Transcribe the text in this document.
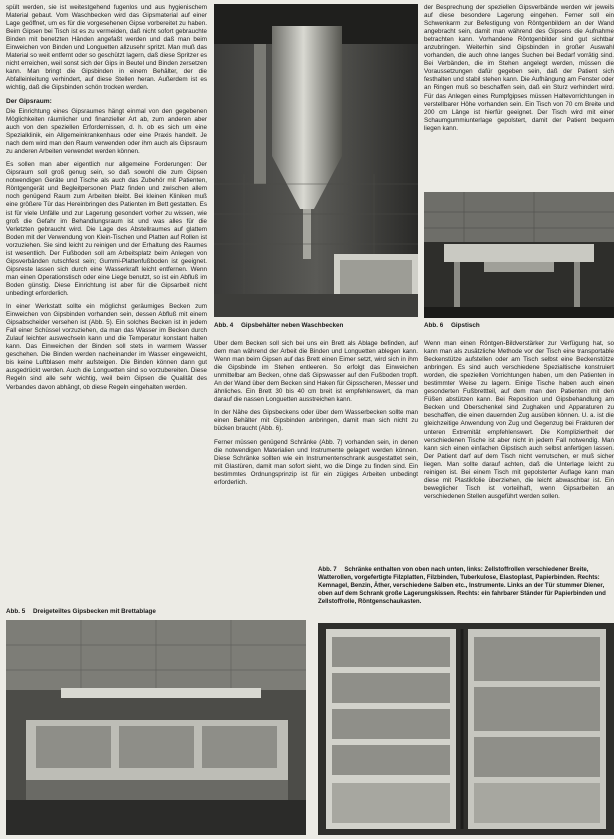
spült werden, sie ist weitestgehend fugenlos und aus hygienischem Material gebaut. Vom Waschbecken wird das Gipsmaterial auf einer Lage geöffnet, um es für die vorgesehenen Gipse vorbereitet zu haben. Beim Gipsen bei Tisch ist es zu vermeiden, daß nicht sofort gebrauchte Binden mit benetzten Händen angefaßt werden und daß man beim Einweichen von Binden und Longuetten allzusehr spritzt. Man muß das Material so weit entfernt oder so geschützt lagern, daß diese Spritzer es nicht erreichen, weil sonst sich der Gips in Beutel und Binden zersetzen kann. Man bringt die Gipsbinden in einem Behälter, der die Abfalleinleitung verhindert, auf diese Stellen heran. Außerdem ist es wichtig, daß die Gipsbinden schön trocken werden.

Der Gipsraum:

Die Einrichtung eines Gipsraumes hängt einmal von den gegebenen Möglichkeiten räumlicher und finanzieller Art ab, zum anderen aber auch von den speziellen Erfordernissen, d. h. ob es sich um eine Spezialklinik, ein Allgemeinkrankenhaus oder eine Praxis handelt. Je nach dem wird man den Raum verwenden oder ihm auch als Gipsraum zu anderen Arbeiten verwendet werden können.

Es sollen man aber eigentlich nur allgemeine Forderungen: Der Gipsraum soll groß genug sein, so daß sowohl die zum Gipsen notwendigen Geräte und Tische als auch das Zubehör mit Patienten, Röntgengerät und Begleitpersonen Platz finden und zwischen allem noch genügend Raum zum Arbeiten bleibt. Bei kleinen Kliniken muß eine größere Tür das Hereinbringen des Patienten im Bett gestatten. Es ist für viele Unfälle und zur Lagerung gesondert vorher zu wissen, wie groß die Gefahr im Behandlungsraum ist und was alles für die Verletzten gebraucht wird. Die Lage des Abstellraumes auf glattem Boden mit der Verwendung von Klein-Tischen und Platten auf Rollen ist vorzuziehen. Sie sind leicht zu reinigen und der Erhaltung des Raumes ist wesentlich. Der Fußboden soll am Arbeitsplatz beim Anlegen von Gipsverbänden rutschfest sein; Gummi-Plattenfußboden ist geeignet. Gipsreste lassen sich durch eine Wasserkraft leicht entfernen. Wenn man einen Operationstisch oder eine Liege benutzt, so ist ein Abfluß im Boden günstig. Diese Einrichtung ist aber für die Gipsarbeit nicht unbedingt erforderlich.

In einer Werkstatt sollte ein möglichst geräumiges Becken zum Einweichen von Gipsbinden vorhanden sein, dessen Abfluß mit einem Gipsabscheider versehen ist (Abb. 5). Ein solches Becken ist in jedem Fall einer Schüssel vorzuziehen, da man das Wasser im Becken durch Zulauf leichter auswechseln kann und die Temperatur konstant halten kann. Das Einweichen der Binden soll stets in warmem Wasser geschehen. Die Binden werden nacheinander im Wasser eingeweicht, bis keine Luftblasen mehr aufsteigen. Die Binden können dann gut ausgedrückt werden. Auch die Longuetten sind so vorzubereiten. Diese Regeln sind alle sehr wichtig, weil beim Gipsen die Qualität des Verbandes davon abhängt, ob diese Regeln eingehalten werden.

Abb. 4 Gipsbehälter neben Waschbecken

Über dem Becken soll sich bei uns ein Brett als Ablage befinden, auf dem man während der Arbeit die Binden und Longuetten ablegen kann. Wenn man beim Gipsen auf das Brett einen Eimer setzt, wird sich in ihm die Gipsbinde im Stehen entleeren. So erfolgt das Einweichen unmittelbar am Becken, ohne daß Gipswasser auf den Fußboden tropft. An der Wand über dem Becken sind Haken für Gipsscheren, Messer und ähnliches. Ein Brett 30 bis 40 cm breit ist empfehlenswert, da man darauf die nassen Longuetten ausstreichen kann.

In der Nähe des Gipsbeckens oder über dem Wasserbecken sollte man einen Behälter mit Gipsbinden anbringen, damit man sich nicht zu bücken braucht (Abb. 6).

Ferner müssen genügend Schränke (Abb. 7) vorhanden sein, in denen die notwendigen Materialien und Instrumente gelagert werden können. Diese Schränke sollten wie ein Instrumentenschrank ausgestattet sein, mit Glastüren, damit man sofort sieht, wo die Dinge zu finden sind. Ein bestimmtes Ordnungsprinzip ist für ein zügiges Arbeiten unbedingt erforderlich.

der Besprechung der speziellen Gipsverbände werden wir jeweils auf diese besondere Lagerung eingehen. Ferner soll ein Schwenkarm zur Befestigung von Röntgenbildern an der Wand angebracht sein, damit man während des Gipsens die Aufnahme betrachten kann. Vorhandene Röntgenbilder sind gut sichtbar anzubringen. Weiterhin sind Gipsbinden in großer Auswahl vorhanden, die auch ohne langes Suchen bei Bedarf vorrätig sind. Bei Verbänden, die im Stehen angelegt werden, müssen die Voraussetzungen dafür gegeben sein, daß der Patient sich festhalten und stabil stehen kann. Die Aufhängung am Fenster oder an Ringen muß so beschaffen sein, daß ein Sturz verhindert wird. Für das Anlegen eines Rumpfgipses müssen Haltevorrichtungen in verstellbarer Höhe vorhanden sein. Ein Tisch von 70 cm Breite und 200 cm Länge ist hierfür geeignet. Der Tisch wird mit einer Schaumgummiunterlage gepolstert, damit der Patient bequem liegen kann.

Abb. 6 Gipstisch

Wenn man einen Röntgen-Bildverstärker zur Verfügung hat, so kann man als zusätzliche Methode vor der Tisch eine transportable Beckenstütze aufstellen oder am Tisch selbst eine Beckenstütze anbringen. Es sind auch verschiedene Spezialtische konstruiert worden, die speziellen Vorrichtungen haben, um den Patienten in bestimmter Weise zu lagern. Einige Tische haben auch einen gesonderten Fußbrettteil, auf dem man den Patienten mit den Füßen abstützen kann. Bei Reposition und Gipsbehandlung am Becken und Oberschenkel sind Zughaken und Apparaturen zu beschaffen, die einen dauernden Zug ausüben können. U. a. ist die gleichzeitige Anwendung von Zug und Gegenzug bei Frakturen der unteren Extremität empfehlenswert. Die Kompliziertheit der verschiedenen Tische ist aber nicht in jedem Fall notwendig. Man kann sich einen einfachen Gipstisch auch selbst anfertigen lassen. Der Patient darf auf dem Tisch nicht verrutschen, er muß sicher liegen. Man sollte darauf achten, daß die Unterlage leicht zu reinigen ist. Bei einem Tisch mit gepolsterter Auflage kann man diese mit Plastikfolie überziehen, die leicht abwaschbar ist. Ein beweglicher Tisch ist vorteilhaft, wenn Gipsarbeiten an verschiedenen Stellen ausgeführt werden sollen.

Abb. 7 Schränke enthalten von oben nach unten, links: Zellstoffrollen verschiedener Breite, Watterollen, vorgefertigte Filzplatten, Filzbinden, Tuberkulose, Elastoplast, Papierbinden. Rechts: Kemnagel, Benzin, Äther, verschiedene Salben etc., Instrumente. Links an der Tür stummer Diener, oben auf dem Schrank große Lagerungskissen. Rechts: ein fahrbarer Ständer für Papierbinden und Zellstoffrolle, Röntgenschaukasten.
Abb. 5 Dreigeteiltes Gipsbecken mit Brettablage
